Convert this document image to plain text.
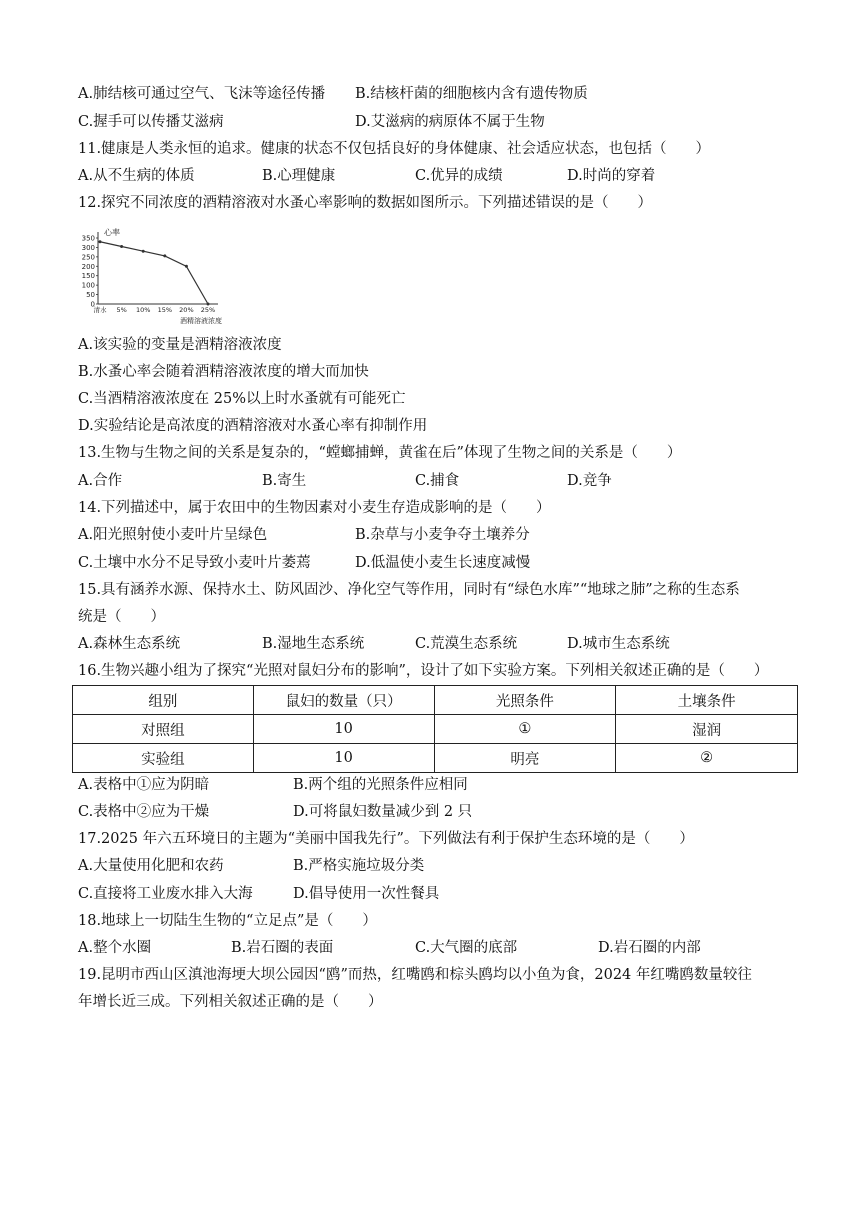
A.肺结核可通过空气、飞沫等途径传播 B.结核杆菌的细胞核内含有遗传物质
C.握手可以传播艾滋病	D.艾滋病的病原体不属于生物
11.健康是人类永恒的追求。健康的状态不仅包括良好的身体健康、社会适应状态，也包括（　　）
A.从不生病的体质	B.心理健康	C.优异的成绩	D.时尚的穿着
12.探究不同浓度的酒精溶液对水蚤心率影响的数据如图所示。下列描述错误的是（　　）
350
300
250
200
150
100
50
0
清水 5% 10% 15% 20% 25%
心率
酒精溶液浓度
A.该实验的变量是酒精溶液浓度
B.水蚤心率会随着酒精溶液浓度的增大而加快
C.当酒精溶液浓度在 25%以上时水蚤就有可能死亡
D.实验结论是高浓度的酒精溶液对水蚤心率有抑制作用
13.生物与生物之间的关系是复杂的，“螳螂捕蝉，黄雀在后”体现了生物之间的关系是（　　）
A.合作	B.寄生	C.捕食	D.竞争
14.下列描述中，属于农田中的生物因素对小麦生存造成影响的是（　　）
A.阳光照射使小麦叶片呈绿色	B.杂草与小麦争夺土壤养分
C.土壤中水分不足导致小麦叶片萎蔫	D.低温使小麦生长速度减慢
15.具有涵养水源、保持水土、防风固沙、净化空气等作用，同时有“绿色水库”“地球之肺”之称的生态系
统是（　　）
A.森林生态系统	B.湿地生态系统	C.荒漠生态系统	D.城市生态系统
16.生物兴趣小组为了探究“光照对鼠妇分布的影响”，设计了如下实验方案。下列相关叙述正确的是（　　）
组别	鼠妇的数量（只）	光照条件	土壤条件
对照组	10	①	湿润
实验组	10	明亮	②
A.表格中①应为阴暗	B.两个组的光照条件应相同
C.表格中②应为干燥	D.可将鼠妇数量减少到 2 只
17.2025 年六五环境日的主题为“美丽中国我先行”。下列做法有利于保护生态环境的是（　　）
A.大量使用化肥和农药	B.严格实施垃圾分类
C.直接将工业废水排入大海	D.倡导使用一次性餐具
18.地球上一切陆生生物的“立足点”是（　　）
A.整个水圈	B.岩石圈的表面	C.大气圈的底部	D.岩石圈的内部
19.昆明市西山区滇池海埂大坝公园因“鸥”而热，红嘴鸥和棕头鸥均以小鱼为食，2024 年红嘴鸥数量较往
年增长近三成。下列相关叙述正确的是（　　）
